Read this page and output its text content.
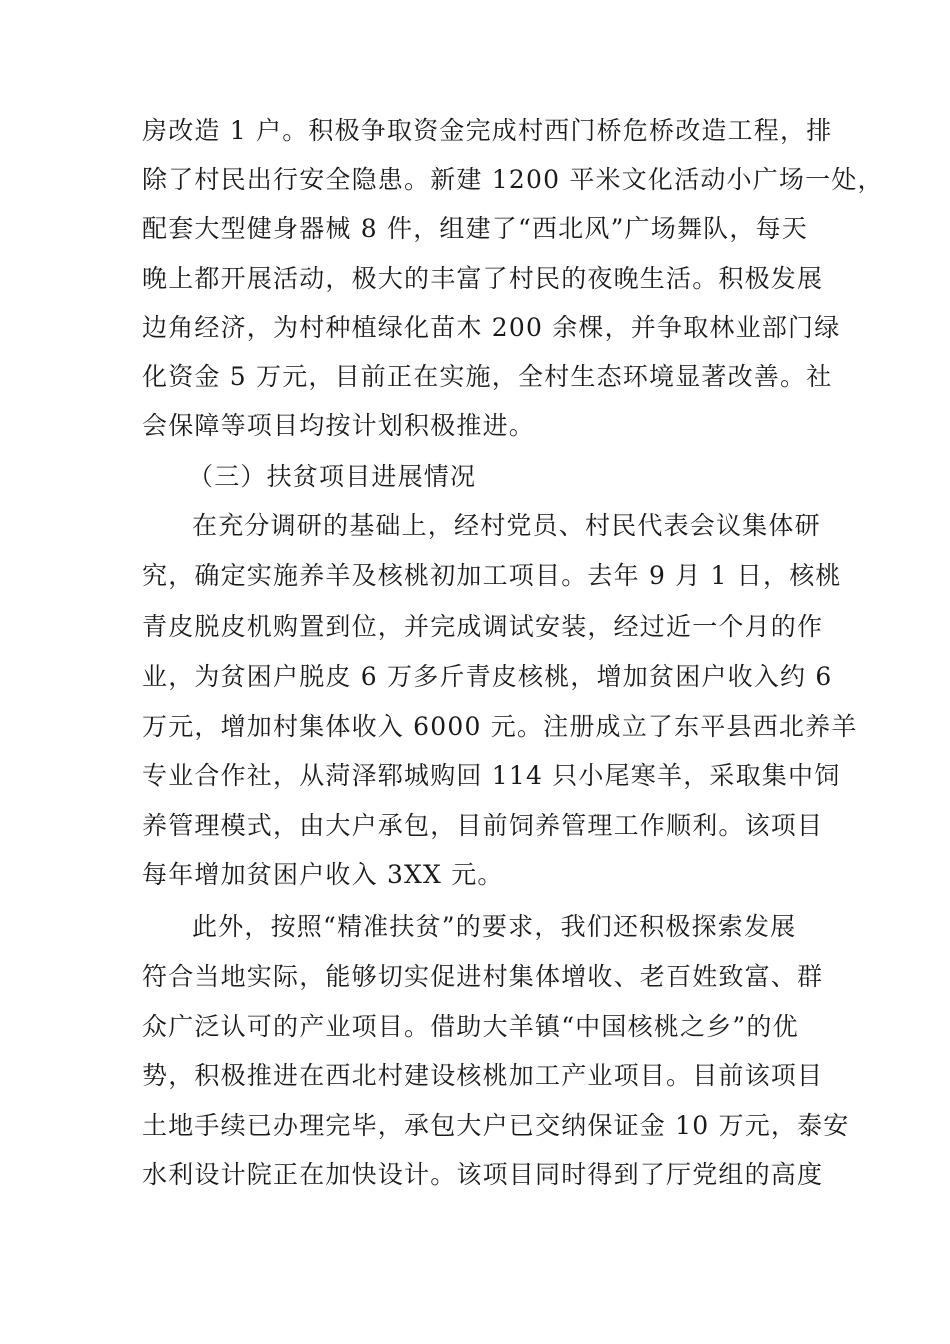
房改造 1 户。积极争取资金完成村西门桥危桥改造工程，排
除了村民出行安全隐患。新建 1200 平米文化活动小广场一处，
配套大型健身器械 8 件，组建了“西北风”广场舞队，每天
晚上都开展活动，极大的丰富了村民的夜晚生活。积极发展
边角经济，为村种植绿化苗木 200 余棵，并争取林业部门绿
化资金 5 万元，目前正在实施，全村生态环境显著改善。社
会保障等项目均按计划积极推进。
（三）扶贫项目进展情况
在充分调研的基础上，经村党员、村民代表会议集体研
究，确定实施养羊及核桃初加工项目。去年 9 月 1 日，核桃
青皮脱皮机购置到位，并完成调试安装，经过近一个月的作
业，为贫困户脱皮 6 万多斤青皮核桃，增加贫困户收入约 6
万元，增加村集体收入 6000 元。注册成立了东平县西北养羊
专业合作社，从菏泽郓城购回 114 只小尾寒羊，采取集中饲
养管理模式，由大户承包，目前饲养管理工作顺利。该项目
每年增加贫困户收入 3XX 元。
此外，按照“精准扶贫”的要求，我们还积极探索发展
符合当地实际，能够切实促进村集体增收、老百姓致富、群
众广泛认可的产业项目。借助大羊镇“中国核桃之乡”的优
势，积极推进在西北村建设核桃加工产业项目。目前该项目
土地手续已办理完毕，承包大户已交纳保证金 10 万元，泰安
水利设计院正在加快设计。该项目同时得到了厅党组的高度
